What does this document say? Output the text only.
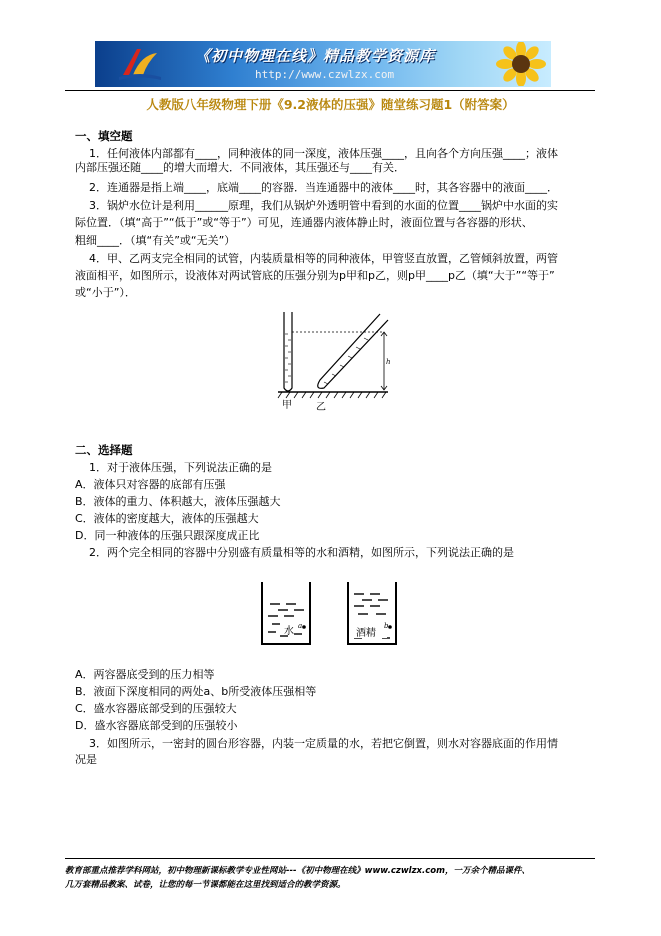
《初中物理在线》精品教学资源库
http://www.czwlzx.com
人教版八年级物理下册《9.2液体的压强》随堂练习题1（附答案）
一、填空题
1．任何液体内部都有____，同种液体的同一深度，液体压强____，且向各个方向压强____；液体
内部压强还随____的增大而增大．不同液体，其压强还与____有关．
2．连通器是指上端____，底端____的容器．当连通器中的液体____时，其各容器中的液面____．
3．锅炉水位计是利用______原理，我们从锅炉外透明管中看到的水面的位置____锅炉中水面的实
际位置．（填“高于”“低于”或“等于”）可见，连通器内液体静止时，液面位置与各容器的形状、
粗细____．（填“有关”或“无关”）
4．甲、乙两支完全相同的试管，内装质量相等的同种液体，甲管竖直放置，乙管倾斜放置，两管
液面相平，如图所示，设液体对两试管底的压强分别为p甲和p乙，则p甲____p乙（填“大于”“等于”
或“小于”）．
h
甲 乙
二、选择题
1．对于液体压强，下列说法正确的是
A．液体只对容器的底部有压强
B．液体的重力、体积越大，液体压强越大
C．液体的密度越大，液体的压强越大
D．同一种液体的压强只跟深度成正比
2．两个完全相同的容器中分别盛有质量相等的水和酒精，如图所示，下列说法正确的是
水 a
酒精
b
A．两容器底受到的压力相等
B．液面下深度相同的两处a、b所受液体压强相等
C．盛水容器底部受到的压强较大
D．盛水容器底部受到的压强较小
3．如图所示，一密封的圆台形容器，内装一定质量的水，若把它倒置，则水对容器底面的作用情
况是
教育部重点推荐学科网站，初中物理新课标教学专业性网站---《初中物理在线》www.czwlzx.com，一万余个精品课件、
几万套精品教案、试卷，让您的每一节课都能在这里找到适合的教学资源。
